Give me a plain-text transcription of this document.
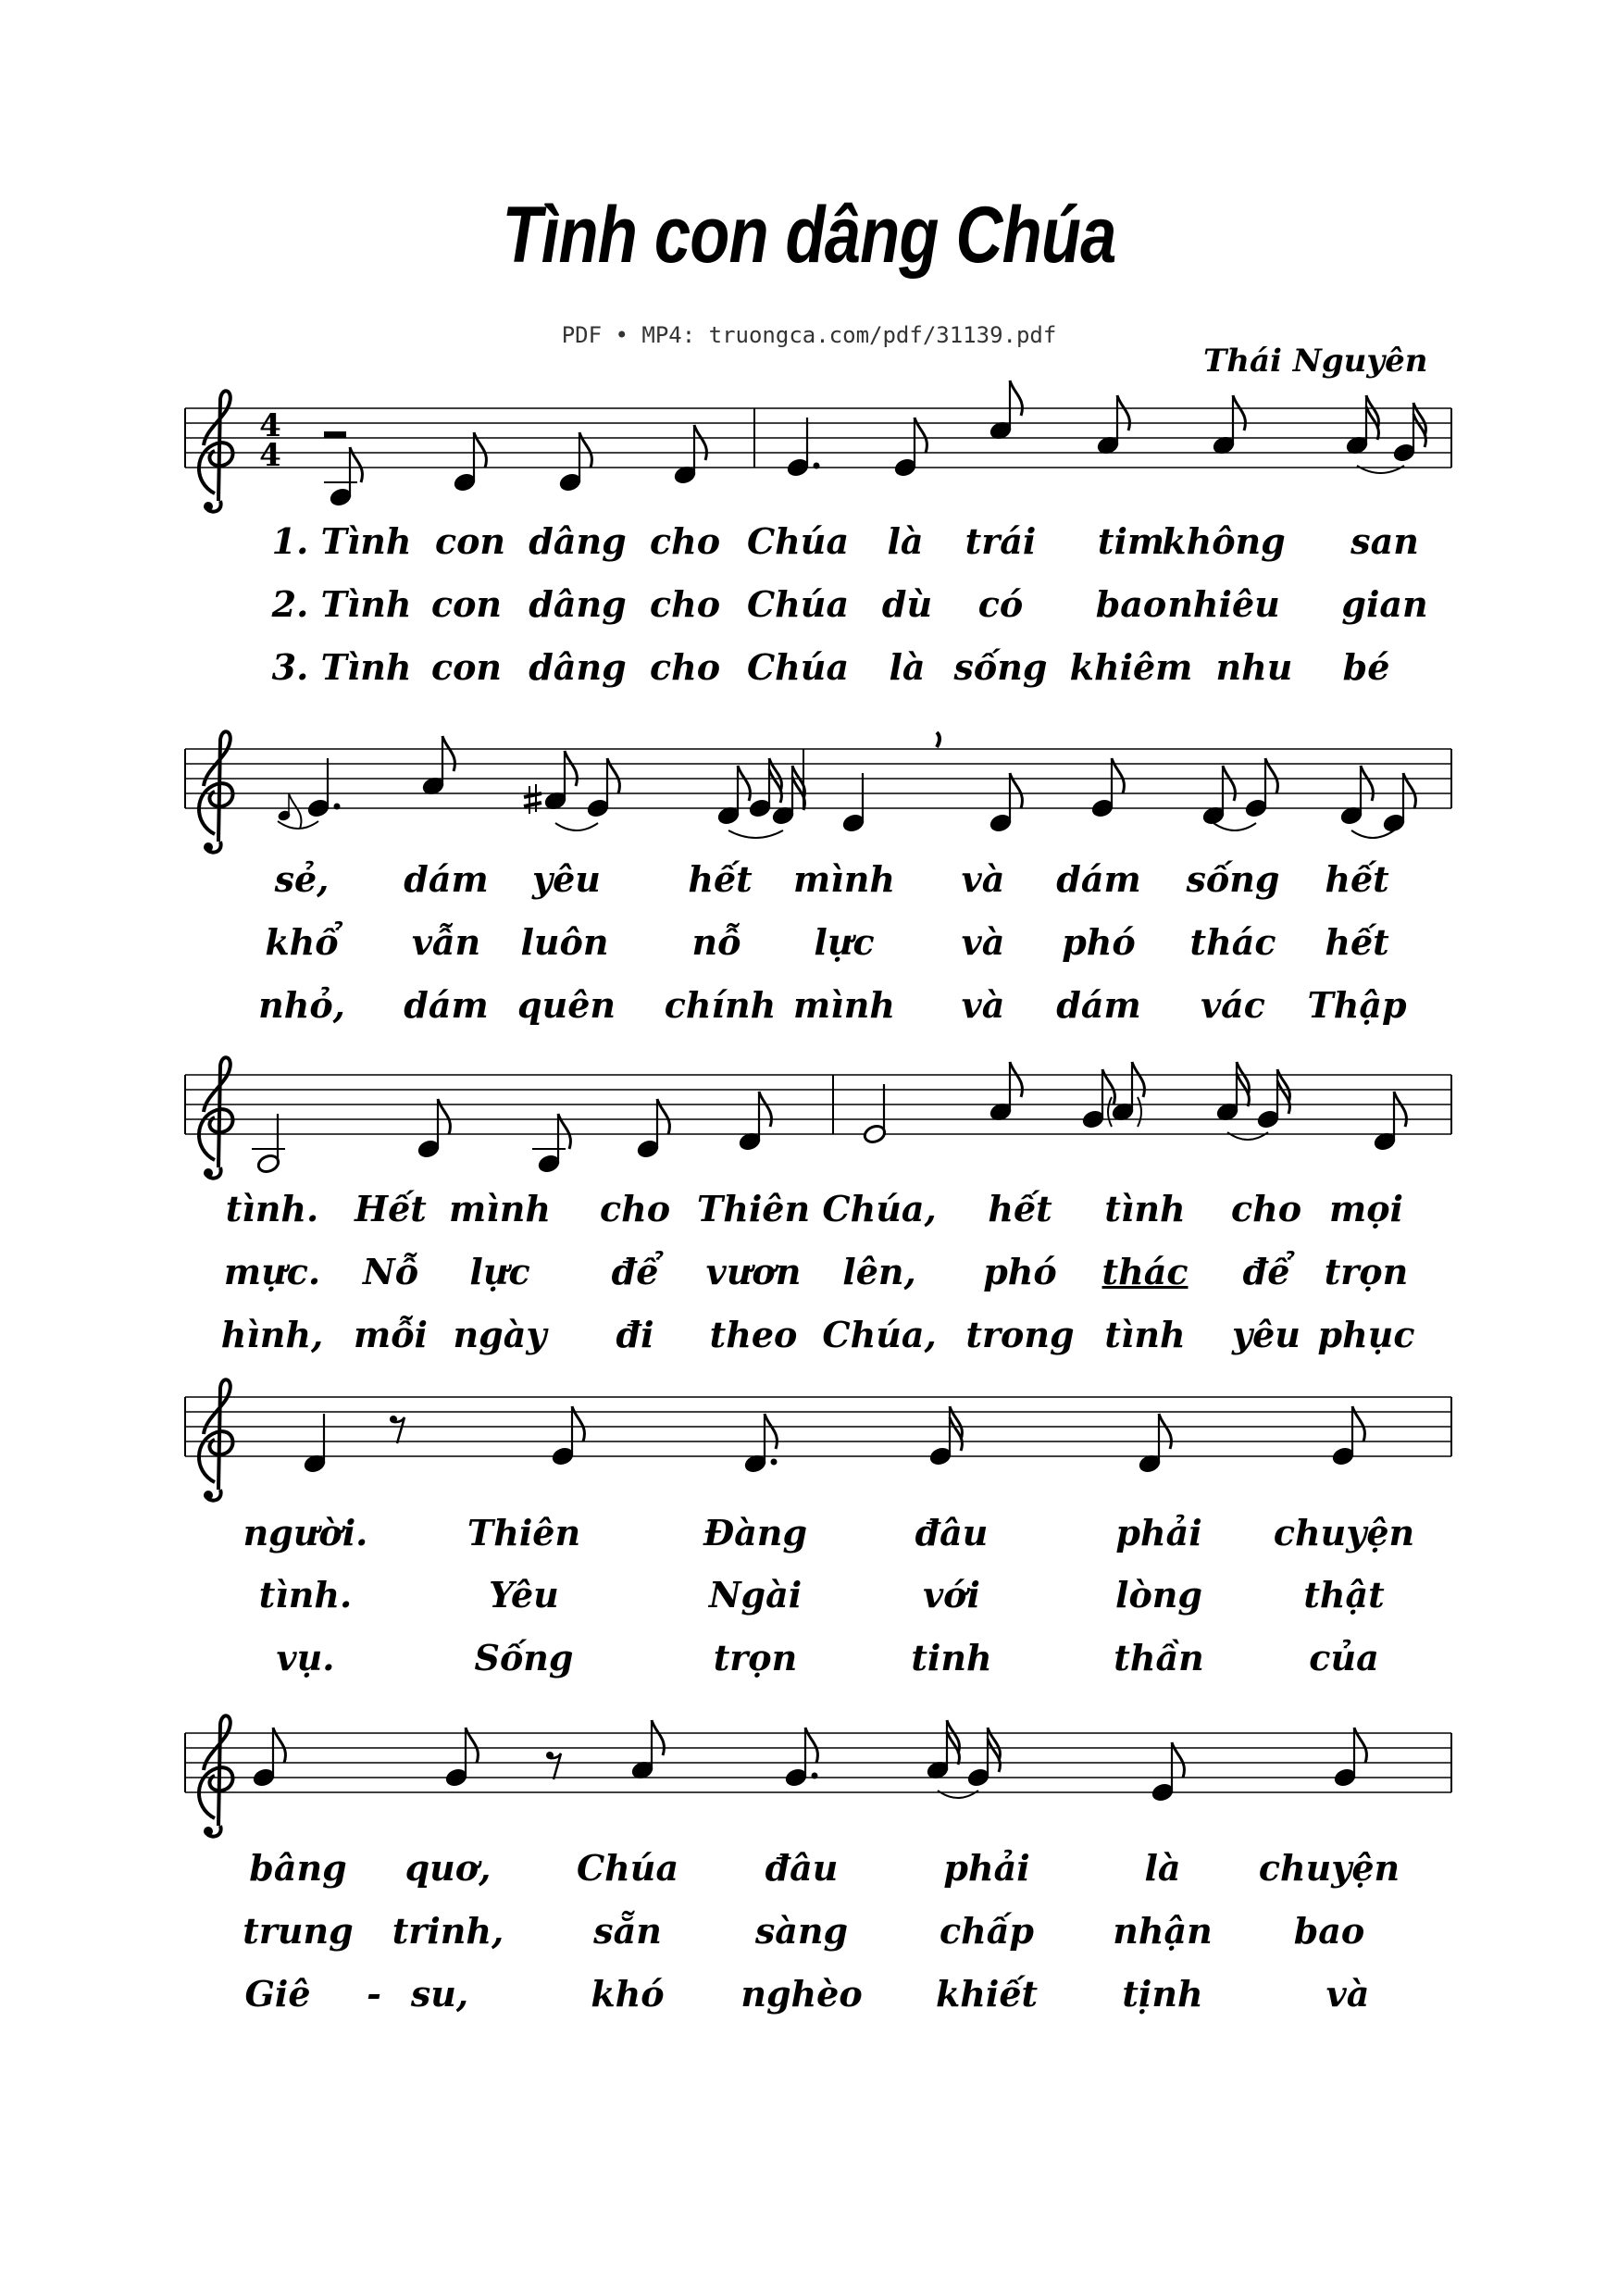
Tình con dâng Chúa
PDF • MP4: truongca.com/pdf/31139.pdf
Thái Nguyên
4
4
1. Tình con dâng cho Chúa là trái tim
không san
2. Tình con dâng cho Chúa dù có bao nhiêu gian
3. Tình con dâng cho Chúa là sống khiêm nhu bé
sẻ, dám yêu hết mình và dám sống hết
khổ vẫn luôn nỗ lực và phó thác hết
nhỏ, dám quên chính mình và dám vác Thập
tình. Hết mình cho Thiên Chúa, hết tình cho mọi
mực. Nỗ lực để vươn lên, phó thác để trọn
hình, mỗi ngày đi theo Chúa, trong tình yêu phục
người.	Thiên	Đàng	đâu	phải chuyện
tình.	Yêu	Ngài	với	lòng	thật
vụ.	Sống	trọn	tinh	thần	của
bâng quơ, Chúa đâu	phải	là chuyện
trung trinh,	sẵn	sàng	chấp nhận bao
Giê - su,	khó nghèo khiết tịnh	và
